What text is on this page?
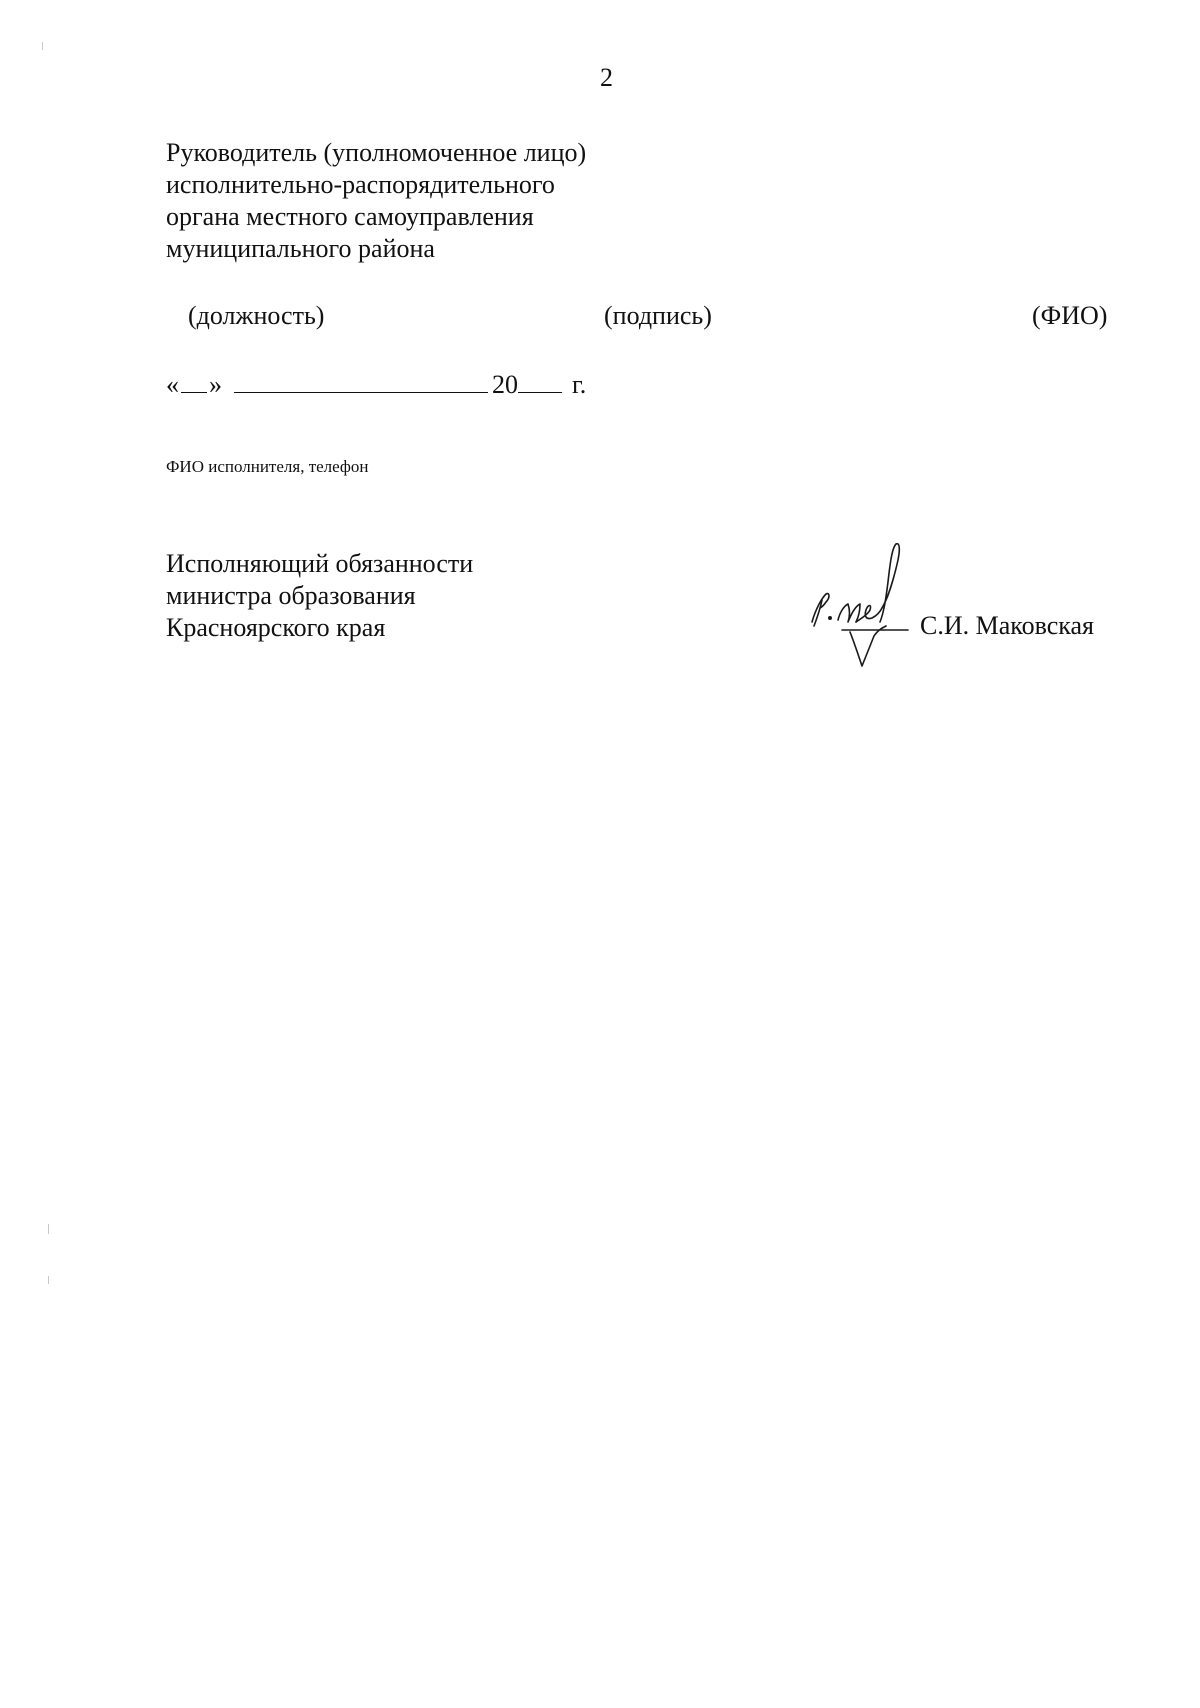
2
Руководитель (уполномоченное лицо)
исполнительно-распорядительного
органа местного самоуправления
муниципального района
(должность)	(подпись)	(ФИО)
« »	20 г.
ФИО исполнителя, телефон
Исполняющий обязанности
министра образования
Красноярского края	С.И. Маковская
